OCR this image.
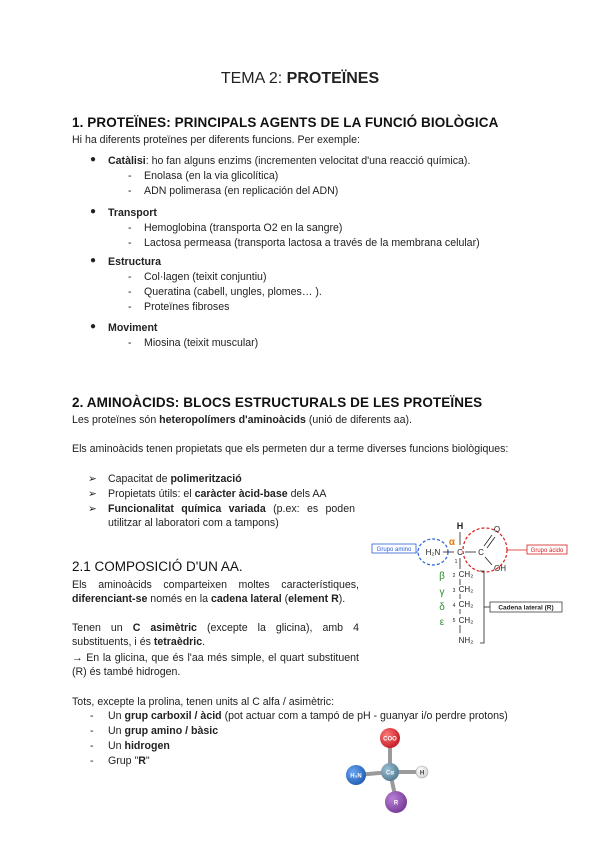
TEMA 2: PROTEÏNES
1. PROTEÏNES: PRINCIPALS AGENTS DE LA FUNCIÓ BIOLÒGICA
Hi ha diferents proteïnes per diferents funcions. Per exemple:
● Catàlisi: ho fan alguns enzims (incrementen velocitat d'una reacció química).
- Enolasa (en la via glicolítica)
- ADN polimerasa (en replicación del ADN)
● Transport
- Hemoglobina (transporta O2 en la sangre)
- Lactosa permeasa (transporta lactosa a través de la membrana celular)
● Estructura
- Col·lagen (teixit conjuntiu)
- Queratina (cabell, ungles, plomes… ).
- Proteïnes fibroses
● Moviment
- Miosina (teixit muscular)
2. AMINOÀCIDS: BLOCS ESTRUCTURALS DE LES PROTEÏNES
Les proteïnes són heteropolímers d'aminoàcids (unió de diferents aa).
Els aminoàcids tenen propietats que els permeten dur a terme diverses funcions biològiques:
➢ Capacitat de polimerització
➢ Propietats útils: el caràcter àcid-base dels AA
➢ Funcionalitat química variada (p.ex: es poden utilitzar al laboratori com a tampons)
2.1 COMPOSICIÓ D'UN AA.
Els aminoàcids comparteixen moltes característiques, diferenciant-se només en la cadena lateral (element R).
Tenen un C asimètric (excepte la glicina), amb 4 substituents, i és tetraèdric.
→ En la glicina, que és l'aa més simple, el quart substituent (R) és també hidrogen.
Tots, excepte la prolina, tenen units al C alfa / asimètric:
- Un grup carboxil / àcid (pot actuar com a tampó de pH - guanyar i/o perdre protons)
- Un grup amino / bàsic
- Un hidrogen
- Grup "R"
Grupo amino	Grupo ácido
H
α
H₂N C
1
C
O
OH
β 2 CH₂
γ 3 CH₂
δ 4 CH₂
ε 5 CH₂
NH₂
Cadena lateral (R)
COO
H₃N	H
R
Cα
